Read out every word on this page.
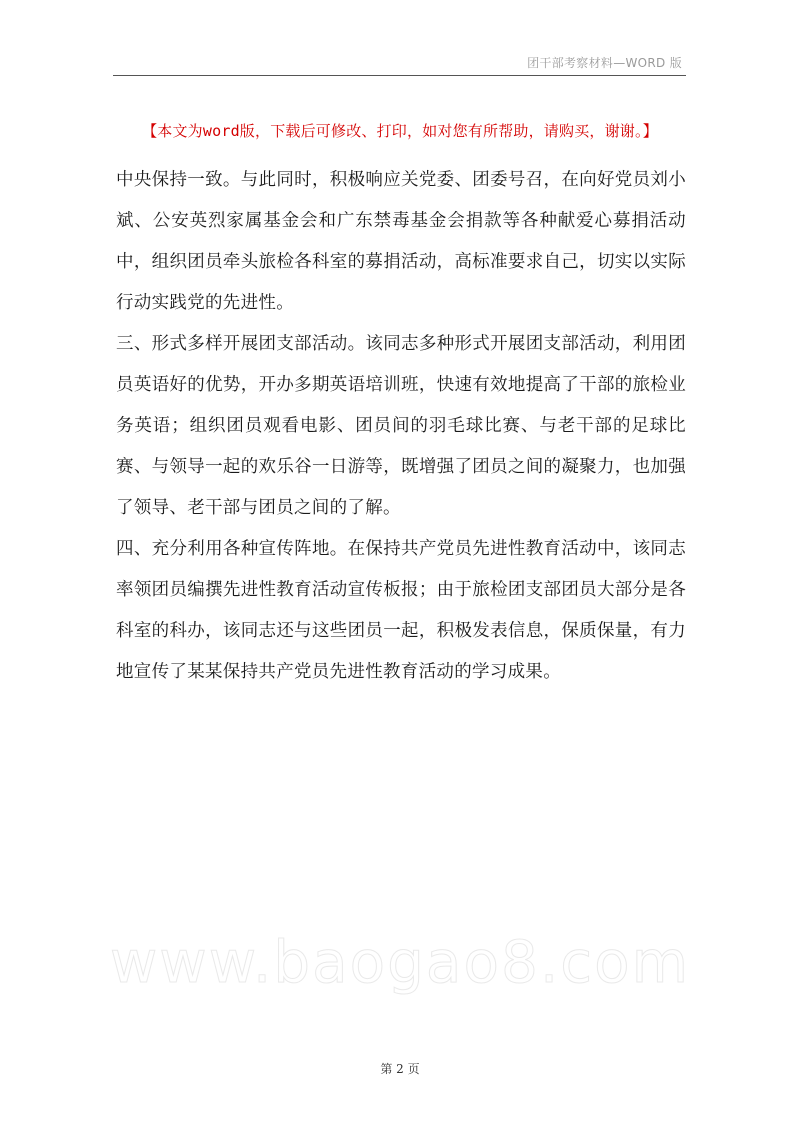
团干部考察材料—WORD 版
【本文为word版，下载后可修改、打印，如对您有所帮助，请购买，谢谢。】

中央保持一致。与此同时，积极响应关党委、团委号召，在向好党员刘小斌、公安英烈家属基金会和广东禁毒基金会捐款等各种献爱心募捐活动中，组织团员牵头旅检各科室的募捐活动，高标准要求自己，切实以实际行动实践党的先进性。

三、形式多样开展团支部活动。该同志多种形式开展团支部活动，利用团员英语好的优势，开办多期英语培训班，快速有效地提高了干部的旅检业务英语；组织团员观看电影、团员间的羽毛球比赛、与老干部的足球比赛、与领导一起的欢乐谷一日游等，既增强了团员之间的凝聚力，也加强了领导、老干部与团员之间的了解。

四、充分利用各种宣传阵地。在保持共产党员先进性教育活动中，该同志率领团员编撰先进性教育活动宣传板报；由于旅检团支部团员大部分是各科室的科办，该同志还与这些团员一起，积极发表信息，保质保量，有力地宣传了某某保持共产党员先进性教育活动的学习成果。

www.baogao8.com
第 2 页
